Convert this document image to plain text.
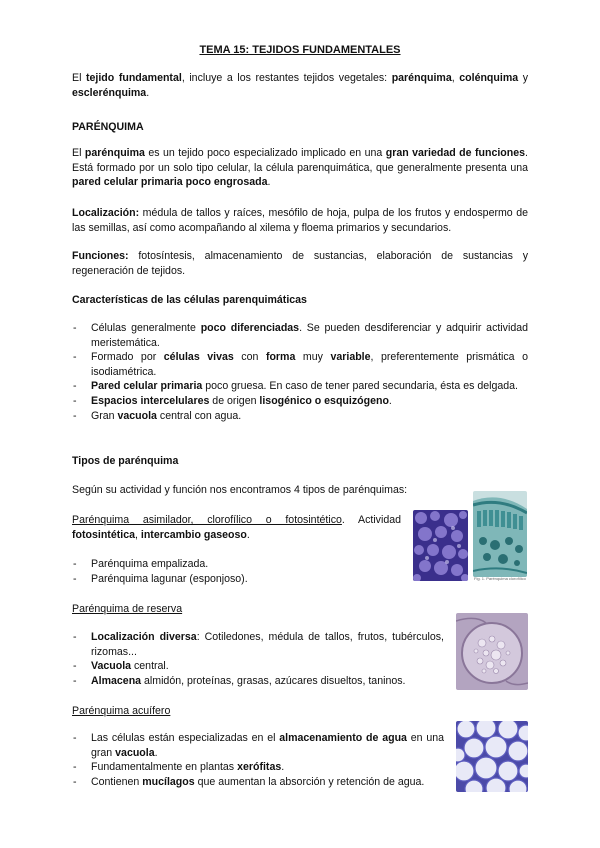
TEMA 15: TEJIDOS FUNDAMENTALES
El tejido fundamental, incluye a los restantes tejidos vegetales: parénquima, colénquima y esclerénquima.
PARÉNQUIMA
El parénquima es un tejido poco especializado implicado en una gran variedad de funciones. Está formado por un solo tipo celular, la célula parenquimática, que generalmente presenta una pared celular primaria poco engrosada.
Localización: médula de tallos y raíces, mesófilo de hoja, pulpa de los frutos y endospermo de las semillas, así como acompañando al xilema y floema primarios y secundarios.
Funciones: fotosíntesis, almacenamiento de sustancias, elaboración de sustancias y regeneración de tejidos.
Características de las células parenquimáticas
- Células generalmente poco diferenciadas. Se pueden desdiferenciar y adquirir actividad meristemática.
- Formado por células vivas con forma muy variable, preferentemente prismática o isodiamétrica.
- Pared celular primaria poco gruesa. En caso de tener pared secundaria, ésta es delgada.
- Espacios intercelulares de origen lisogénico o esquizógeno.
- Gran vacuola central con agua.
Tipos de parénquima
Según su actividad y función nos encontramos 4 tipos de parénquimas:
Parénquima asimilador, clorofílico o fotosintético. Actividad fotosintética, intercambio gaseoso.
- Parénquima empalizada.
- Parénquima lagunar (esponjoso).	Fig. 1. Parénquima clorofílico
Parénquima de reserva
- Localización diversa: Cotiledones, médula de tallos, frutos, tubérculos, rizomas...
- Vacuola central.
- Almacena almidón, proteínas, grasas, azúcares disueltos, taninos.
Parénquima acuífero
- Las células están especializadas en el almacenamiento de agua en una gran vacuola.
- Fundamentalmente en plantas xerófitas.
- Contienen mucílagos que aumentan la absorción y retención de agua.
